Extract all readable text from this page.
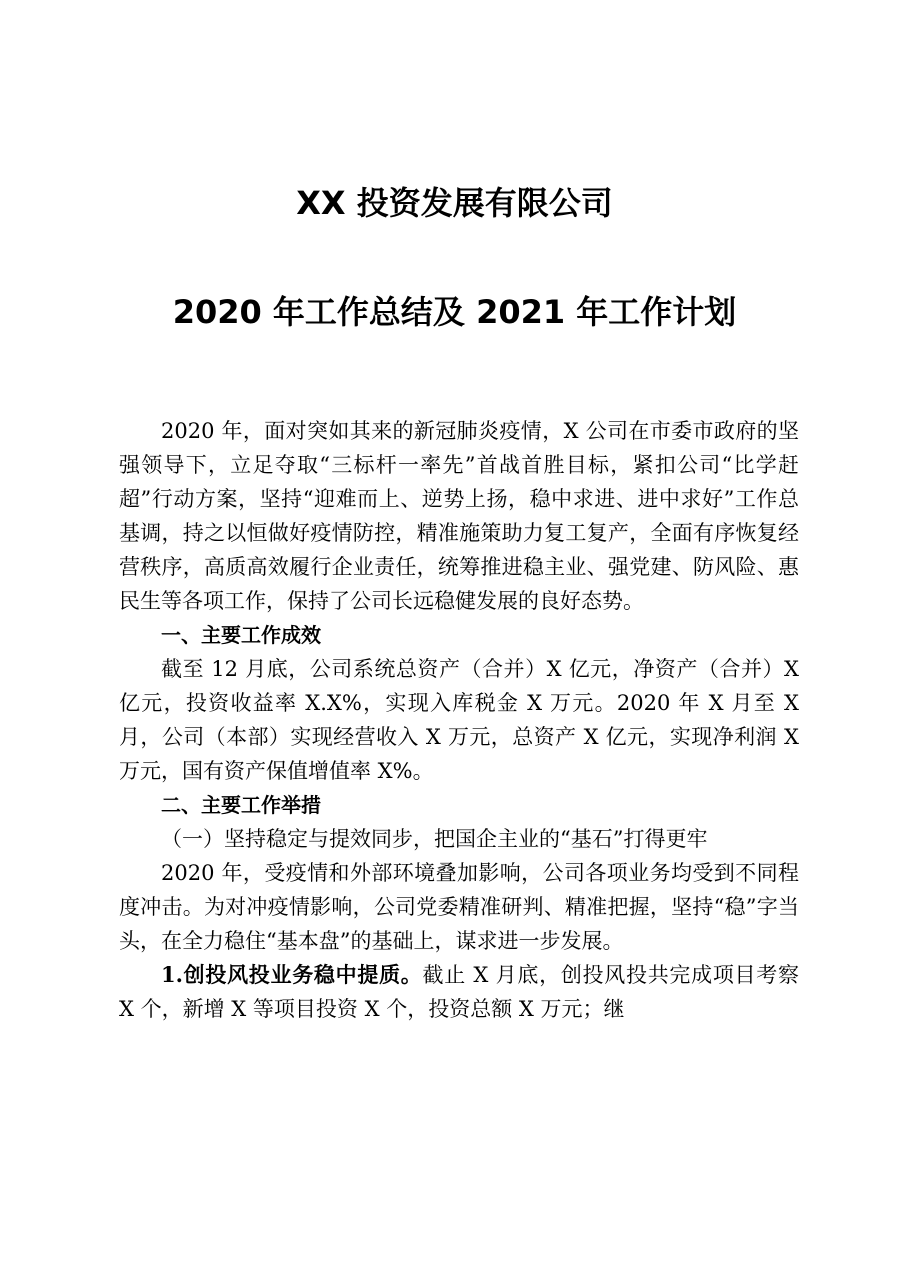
XX 投资发展有限公司
2020 年工作总结及 2021 年工作计划

2020 年，面对突如其来的新冠肺炎疫情，X 公司在市委市政府的坚强领导下，立足夺取“三标杆一率先”首战首胜目标，紧扣公司“比学赶超”行动方案，坚持“迎难而上、逆势上扬，稳中求进、进中求好”工作总基调，持之以恒做好疫情防控，精准施策助力复工复产，全面有序恢复经营秩序，高质高效履行企业责任，统筹推进稳主业、强党建、防风险、惠民生等各项工作，保持了公司长远稳健发展的良好态势。

一、主要工作成效

截至 12 月底，公司系统总资产（合并）X 亿元，净资产（合并）X 亿元，投资收益率 X.X%，实现入库税金 X 万元。2020 年 X 月至 X 月，公司（本部）实现经营收入 X 万元，总资产 X 亿元，实现净利润 X 万元，国有资产保值增值率 X%。

二、主要工作举措

（一）坚持稳定与提效同步，把国企主业的“基石”打得更牢

2020 年，受疫情和外部环境叠加影响，公司各项业务均受到不同程度冲击。为对冲疫情影响，公司党委精准研判、精准把握，坚持“稳”字当头，在全力稳住“基本盘”的基础上，谋求进一步发展。

1.创投风投业务稳中提质。截止 X 月底，创投风投共完成项目考察 X 个，新增 X 等项目投资 X 个，投资总额 X 万元；继
